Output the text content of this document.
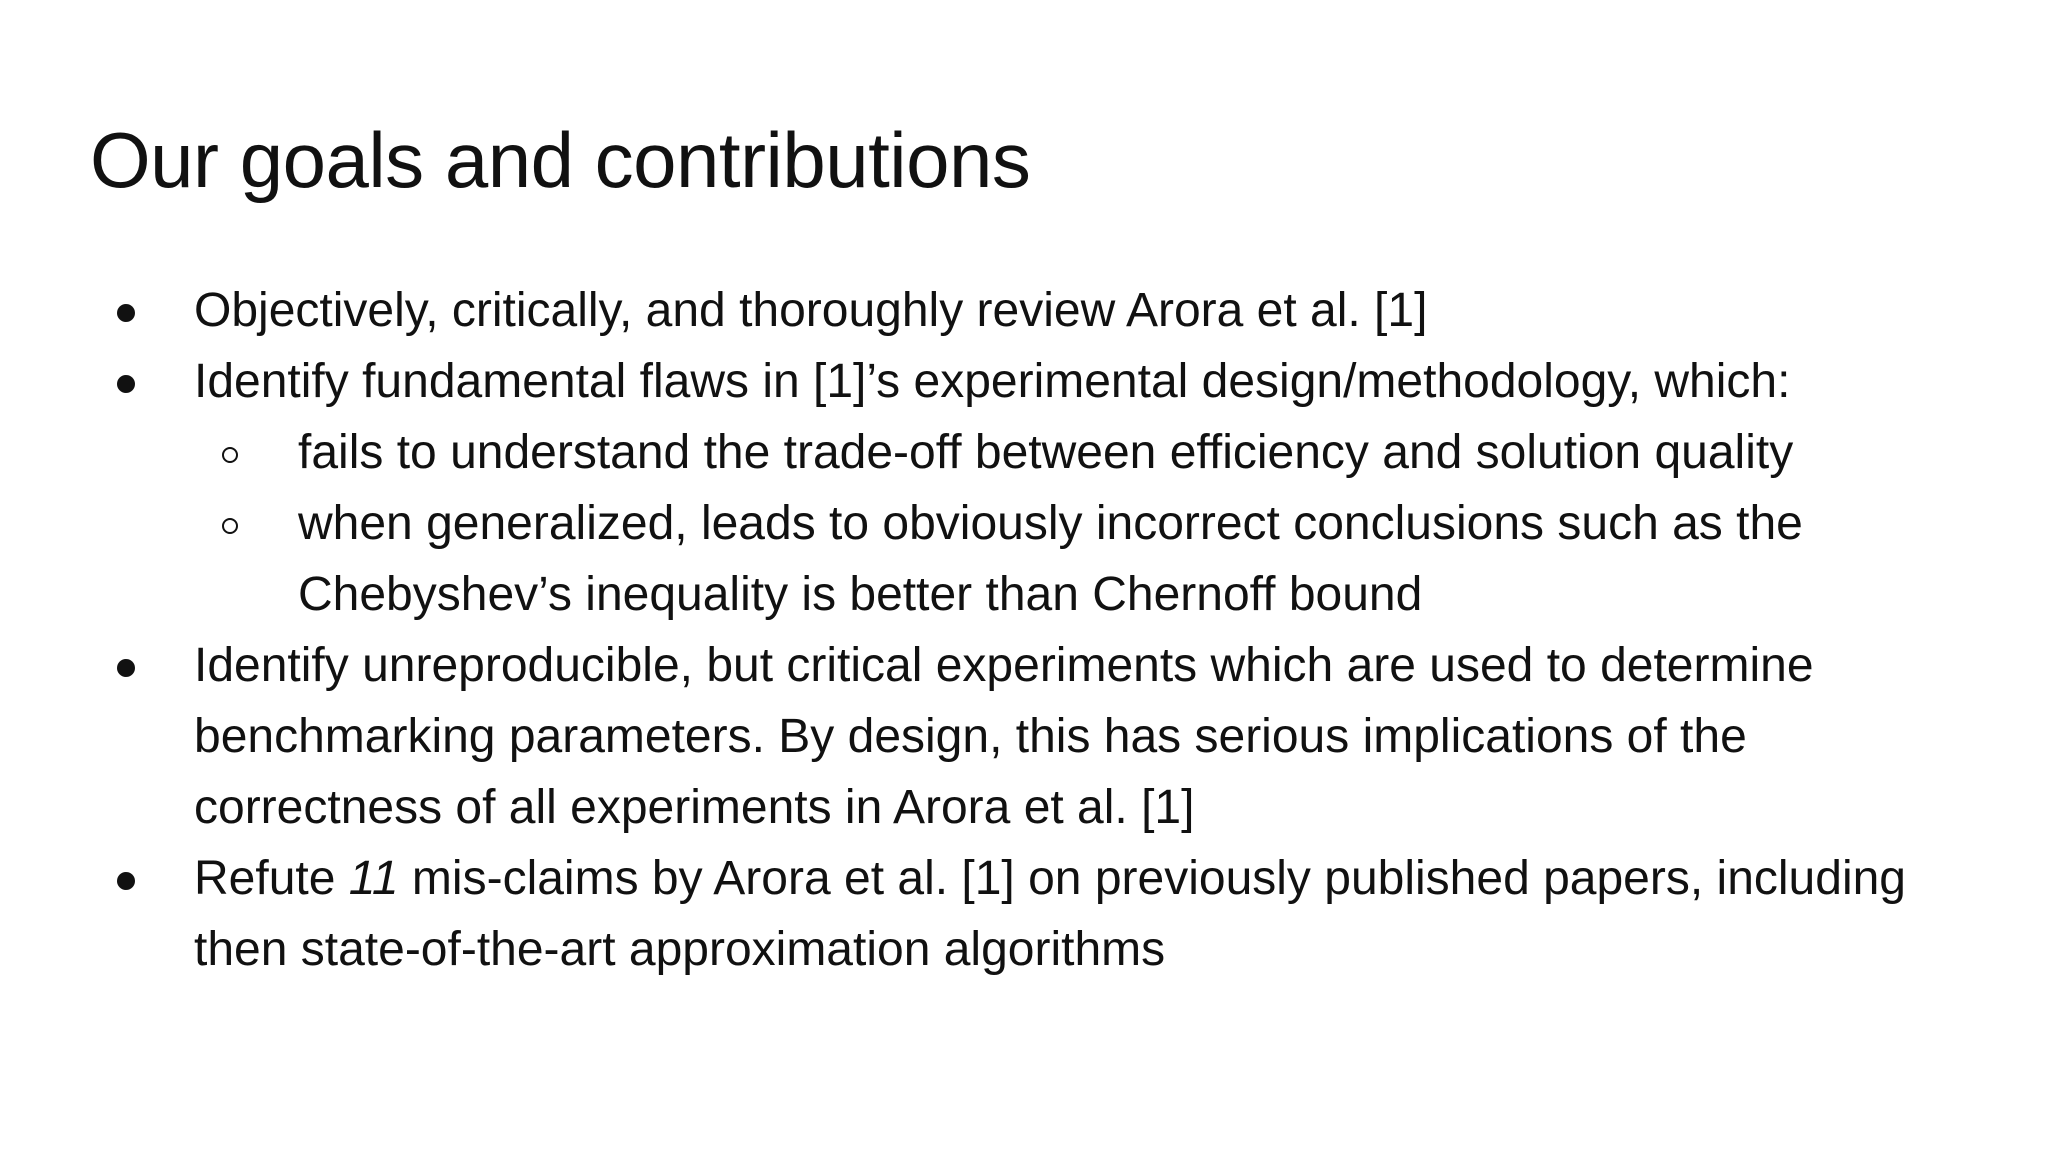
Our goals and contributions
Objectively, critically, and thoroughly review Arora et al. [1]
Identify fundamental flaws in [1]’s experimental design/methodology, which:
fails to understand the trade-off between efficiency and solution quality
when generalized, leads to obviously incorrect conclusions such as the Chebyshev’s inequality is better than Chernoff bound
Identify unreproducible, but critical experiments which are used to determine benchmarking parameters. By design, this has serious implications of the correctness of all experiments in Arora et al. [1]
Refute 11 mis-claims by Arora et al. [1] on previously published papers, including then state-of-the-art approximation algorithms
